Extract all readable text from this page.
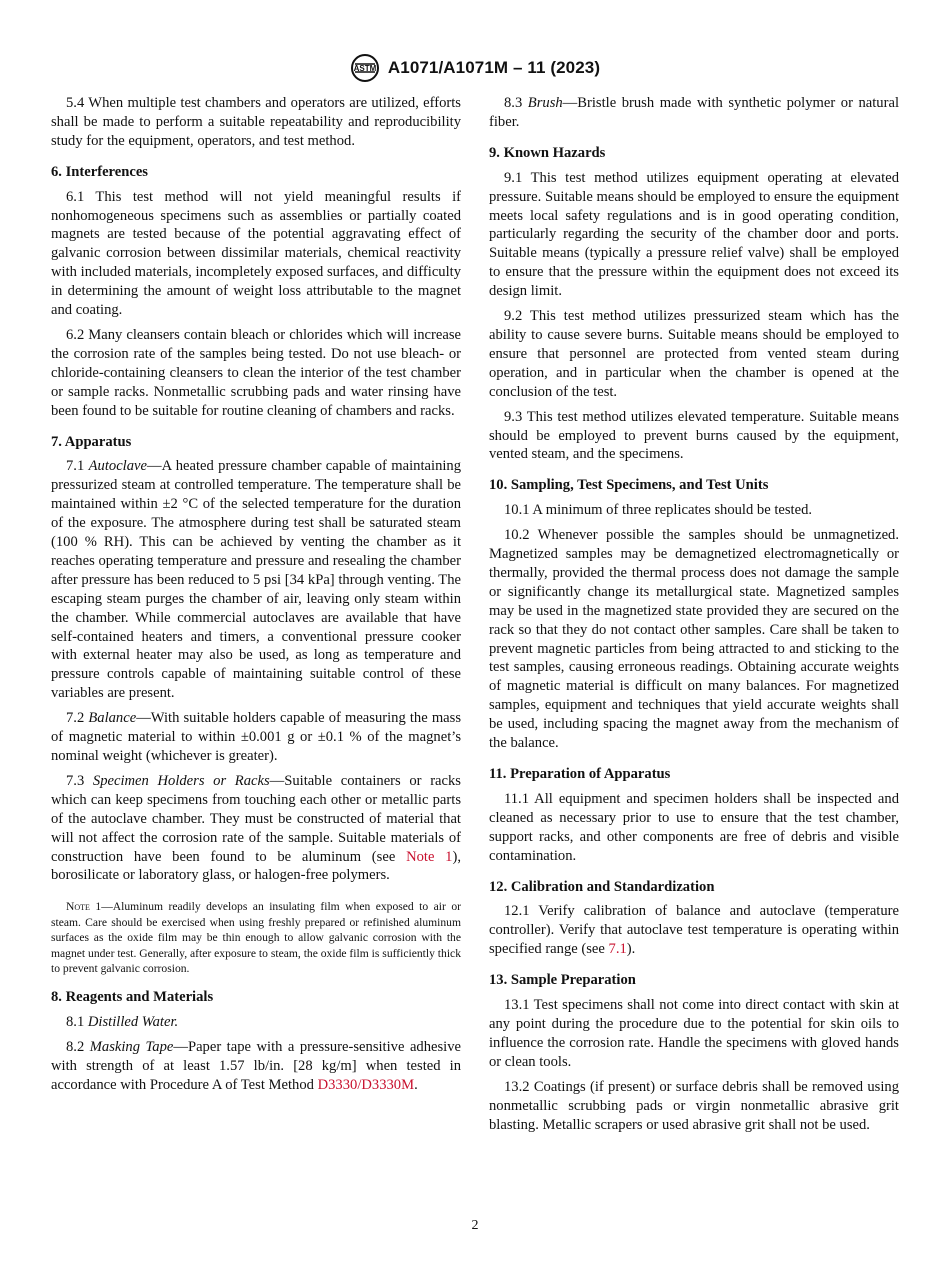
ASTM A1071/A1071M – 11 (2023)

5.4 When multiple test chambers and operators are utilized, efforts shall be made to perform a suitable repeatability and reproducibility study for the equipment, operators, and test method.

6. Interferences

6.1 This test method will not yield meaningful results if nonhomogeneous specimens such as assemblies or partially coated magnets are tested because of the potential aggravating effect of galvanic corrosion between dissimilar materials, chemical reactivity with included materials, incompletely exposed surfaces, and difficulty in determining the amount of weight loss attributable to the magnet and coating.

6.2 Many cleansers contain bleach or chlorides which will increase the corrosion rate of the samples being tested. Do not use bleach- or chloride-containing cleansers to clean the interior of the test chamber or sample racks. Nonmetallic scrubbing pads and water rinsing have been found to be suitable for routine cleaning of chambers and racks.

7. Apparatus

7.1 Autoclave—A heated pressure chamber capable of maintaining pressurized steam at controlled temperature. The temperature shall be maintained within ±2 °C of the selected temperature for the duration of the exposure. The atmosphere during test shall be saturated steam (100 % RH). This can be achieved by venting the chamber as it reaches operating temperature and pressure and resealing the chamber after pressure has been reduced to 5 psi [34 kPa] through venting. The escaping steam purges the chamber of air, leaving only steam within the chamber. While commercial autoclaves are available that have self-contained heaters and timers, a conventional pressure cooker with external heater may also be used, as long as temperature and pressure controls capable of maintaining suitable control of these variables are present.

7.2 Balance—With suitable holders capable of measuring the mass of magnetic material to within ±0.001 g or ±0.1 % of the magnet’s nominal weight (whichever is greater).

7.3 Specimen Holders or Racks—Suitable containers or racks which can keep specimens from touching each other or metallic parts of the autoclave chamber. They must be constructed of material that will not affect the corrosion rate of the sample. Suitable materials of construction have been found to be aluminum (see Note 1), borosilicate or laboratory glass, or halogen-free polymers.

Note 1—Aluminum readily develops an insulating film when exposed to air or steam. Care should be exercised when using freshly prepared or refinished aluminum surfaces as the oxide film may be thin enough to allow galvanic corrosion with the magnet under test. Generally, after exposure to steam, the oxide film is sufficiently thick to prevent galvanic corrosion.
8. Reagents and Materials

8.1 Distilled Water.

8.2 Masking Tape—Paper tape with a pressure-sensitive adhesive with strength of at least 1.57 lb/in. [28 kg/m] when tested in accordance with Procedure A of Test Method D3330/D3330M.

8.3 Brush—Bristle brush made with synthetic polymer or natural fiber.

9. Known Hazards

9.1 This test method utilizes equipment operating at elevated pressure. Suitable means should be employed to ensure the equipment meets local safety regulations and is in good operating condition, particularly regarding the security of the chamber door and ports. Suitable means (typically a pressure relief valve) shall be employed to ensure that the pressure within the equipment does not exceed its design limit.

9.2 This test method utilizes pressurized steam which has the ability to cause severe burns. Suitable means should be employed to ensure that personnel are protected from vented steam during operation, and in particular when the chamber is opened at the conclusion of the test.

9.3 This test method utilizes elevated temperature. Suitable means should be employed to prevent burns caused by the equipment, vented steam, and the specimens.

10. Sampling, Test Specimens, and Test Units

10.1 A minimum of three replicates should be tested.

10.2 Whenever possible the samples should be unmagnetized. Magnetized samples may be demagnetized electromagnetically or thermally, provided the thermal process does not damage the sample or significantly change its metallurgical state. Magnetized samples may be used in the magnetized state provided they are secured on the rack so that they do not contact other samples. Care shall be taken to prevent magnetic particles from being attracted to and sticking to the test samples, causing erroneous readings. Obtaining accurate weights of magnetic material is difficult on many balances. For magnetized samples, equipment and techniques that yield accurate weights shall be used, including spacing the magnet away from the mechanism of the balance.

11. Preparation of Apparatus

11.1 All equipment and specimen holders shall be inspected and cleaned as necessary prior to use to ensure that the test chamber, support racks, and other components are free of debris and visible contamination.

12. Calibration and Standardization

12.1 Verify calibration of balance and autoclave (temperature controller). Verify that autoclave test temperature is operating within specified range (see 7.1).

13. Sample Preparation

13.1 Test specimens shall not come into direct contact with skin at any point during the procedure due to the potential for skin oils to influence the corrosion rate. Handle the specimens with gloved hands or clean tools.

13.2 Coatings (if present) or surface debris shall be removed using nonmetallic scrubbing pads or virgin nonmetallic abrasive grit blasting. Metallic scrapers or used abrasive grit shall not be used.

2
